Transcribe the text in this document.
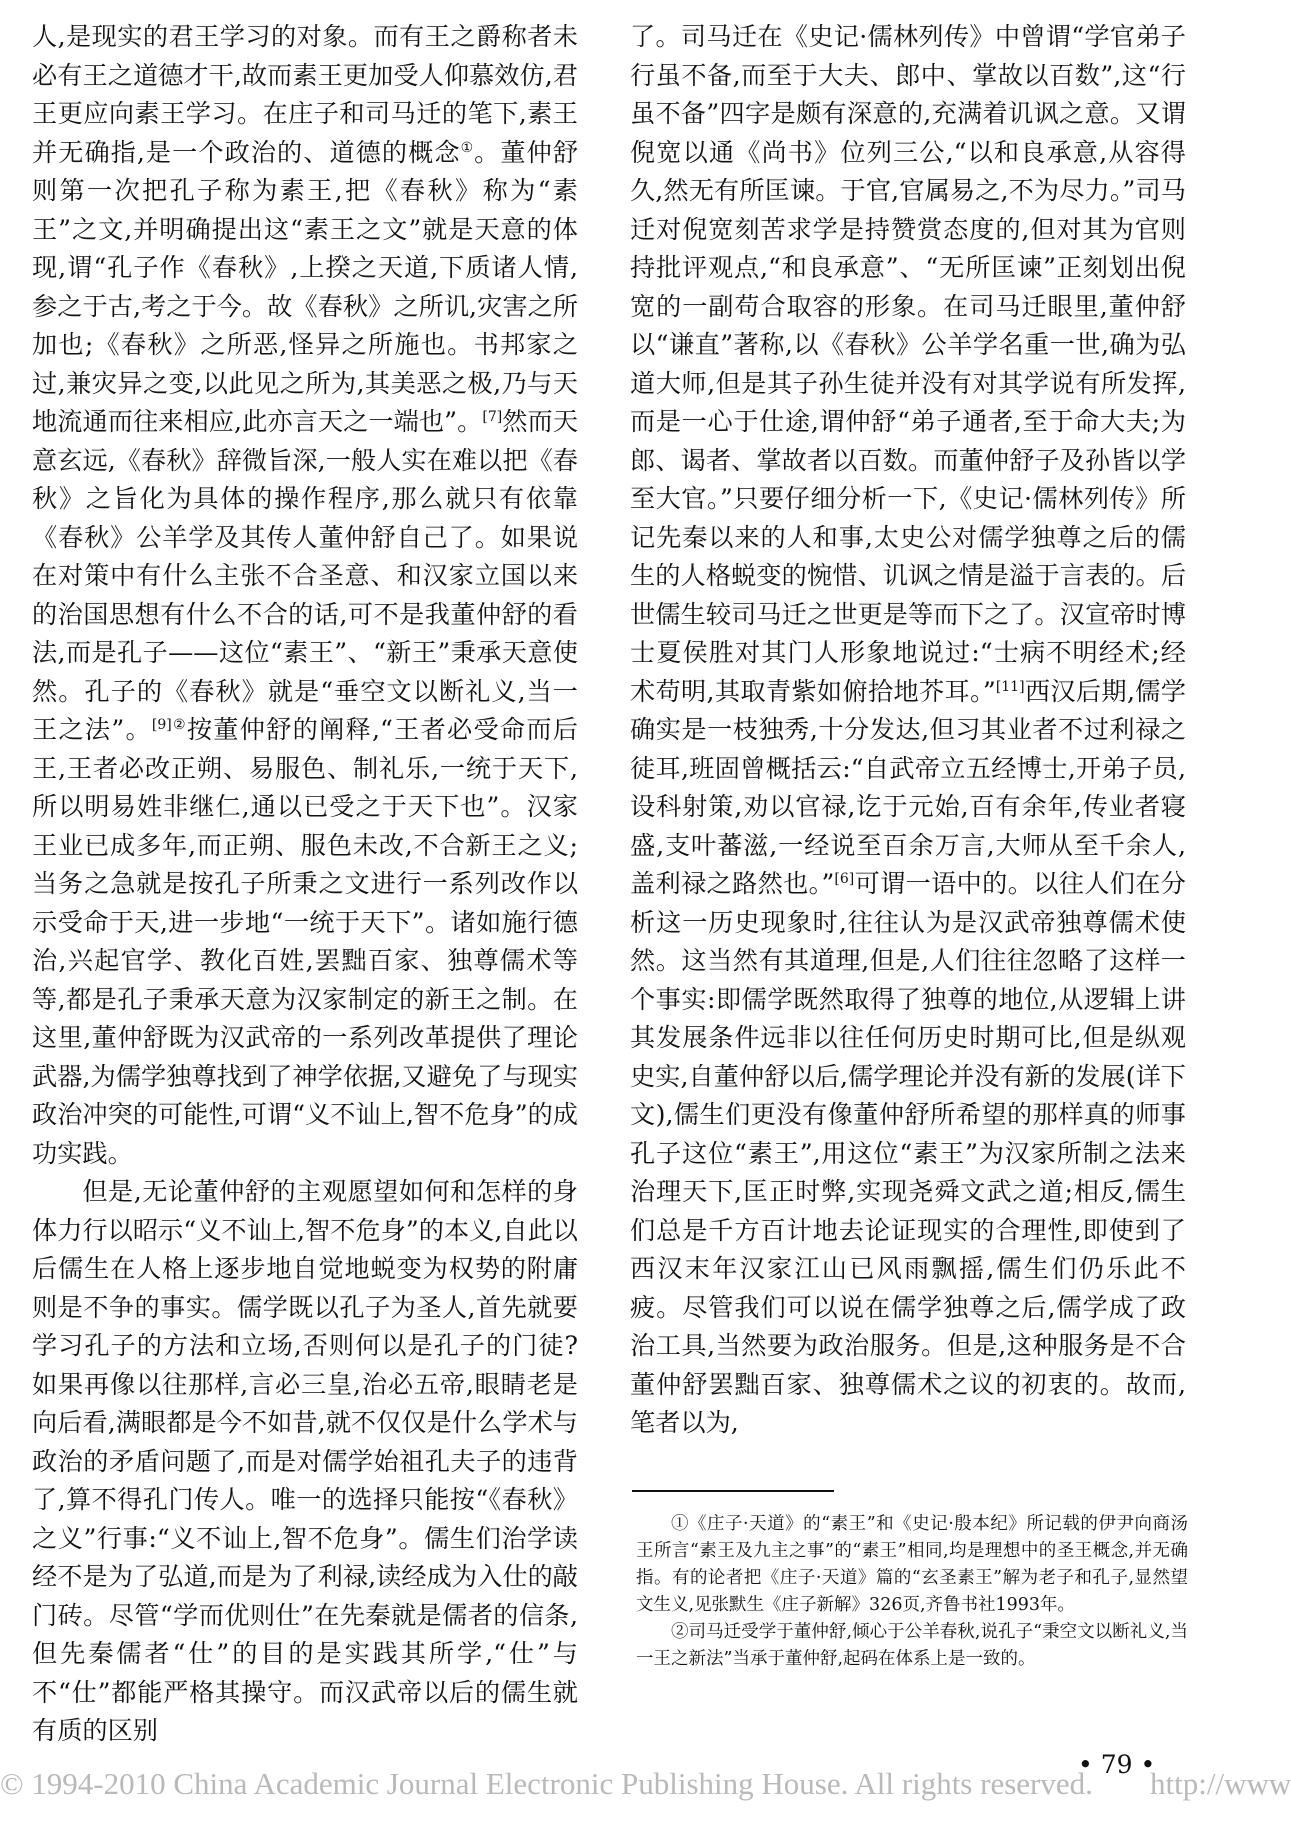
人,是现实的君王学习的对象。而有王之爵称者未必有王之道德才干,故而素王更加受人仰慕效仿,君王更应向素王学习。在庄子和司马迁的笔下,素王并无确指,是一个政治的、道德的概念①。董仲舒则第一次把孔子称为素王,把《春秋》称为“素王”之文,并明确提出这“素王之文”就是天意的体现,谓“孔子作《春秋》,上揆之天道,下质诸人情,参之于古,考之于今。故《春秋》之所讥,灾害之所加也;《春秋》之所恶,怪异之所施也。书邦家之过,兼灾异之变,以此见之所为,其美恶之极,乃与天地流通而往来相应,此亦言天之一端也”。[7]然而天意玄远,《春秋》辞微旨深,一般人实在难以把《春秋》之旨化为具体的操作程序,那么就只有依靠《春秋》公羊学及其传人董仲舒自己了。如果说在对策中有什么主张不合圣意、和汉家立国以来的治国思想有什么不合的话,可不是我董仲舒的看法,而是孔子——这位“素王”、“新王”秉承天意使然。孔子的《春秋》就是“垂空文以断礼义,当一王之法”。$^{[9]②}$按董仲舒的阐释,“王者必受命而后王,王者必改正朔、易服色、制礼乐,一统于天下,所以明易姓非继仁,通以已受之于天下也”。汉家王业已成多年,而正朔、服色未改,不合新王之义;当务之急就是按孔子所秉之文进行一系列改作以示受命于天,进一步地“一统于天下”。诸如施行德治,兴起官学、教化百姓,罢黜百家、独尊儒术等等,都是孔子秉承天意为汉家制定的新王之制。在这里,董仲舒既为汉武帝的一系列改革提供了理论武器,为儒学独尊找到了神学依据,又避免了与现实政治冲突的可能性,可谓“义不讪上,智不危身”的成功实践。

但是,无论董仲舒的主观愿望如何和怎样的身体力行以昭示“义不讪上,智不危身”的本义,自此以后儒生在人格上逐步地自觉地蜕变为权势的附庸则是不争的事实。儒学既以孔子为圣人,首先就要学习孔子的方法和立场,否则何以是孔子的门徒?如果再像以往那样,言必三皇,治必五帝,眼睛老是向后看,满眼都是今不如昔,就不仅仅是什么学术与政治的矛盾问题了,而是对儒学始祖孔夫子的违背了,算不得孔门传人。唯一的选择只能按“《春秋》之义”行事:“义不讪上,智不危身”。儒生们治学读经不是为了弘道,而是为了利禄,读经成为入仕的敲门砖。尽管“学而优则仕”在先秦就是儒者的信条,但先秦儒者“仕”的目的是实践其所学,“仕”与不“仕”都能严格其操守。而汉武帝以后的儒生就有质的区别

了。司马迁在《史记·儒林列传》中曾谓“学官弟子行虽不备,而至于大夫、郎中、掌故以百数”,这“行虽不备”四字是颇有深意的,充满着讥讽之意。又谓倪宽以通《尚书》位列三公,“以和良承意,从容得久,然无有所匡谏。于官,官属易之,不为尽力。”司马迁对倪宽刻苦求学是持赞赏态度的,但对其为官则持批评观点,“和良承意”、“无所匡谏”正刻划出倪宽的一副苟合取容的形象。在司马迁眼里,董仲舒以“谦直”著称,以《春秋》公羊学名重一世,确为弘道大师,但是其子孙生徒并没有对其学说有所发挥,而是一心于仕途,谓仲舒“弟子通者,至于命大夫;为郎、谒者、掌故者以百数。而董仲舒子及孙皆以学至大官。”只要仔细分析一下,《史记·儒林列传》所记先秦以来的人和事,太史公对儒学独尊之后的儒生的人格蜕变的惋惜、讥讽之情是溢于言表的。后世儒生较司马迁之世更是等而下之了。汉宣帝时博士夏侯胜对其门人形象地说过:“士病不明经术;经术苟明,其取青紫如俯拾地芥耳。”[11]西汉后期,儒学确实是一枝独秀,十分发达,但习其业者不过利禄之徒耳,班固曾概括云:“自武帝立五经博士,开弟子员,设科射策,劝以官禄,讫于元始,百有余年,传业者寝盛,支叶蕃滋,一经说至百余万言,大师从至千余人,盖利禄之路然也。”[6]可谓一语中的。以往人们在分析这一历史现象时,往往认为是汉武帝独尊儒术使然。这当然有其道理,但是,人们往往忽略了这样一个事实:即儒学既然取得了独尊的地位,从逻辑上讲其发展条件远非以往任何历史时期可比,但是纵观史实,自董仲舒以后,儒学理论并没有新的发展(详下文),儒生们更没有像董仲舒所希望的那样真的师事孔子这位“素王”,用这位“素王”为汉家所制之法来治理天下,匡正时弊,实现尧舜文武之道;相反,儒生们总是千方百计地去论证现实的合理性,即使到了西汉末年汉家江山已风雨飘摇,儒生们仍乐此不疲。尽管我们可以说在儒学独尊之后,儒学成了政治工具,当然要为政治服务。但是,这种服务是不合董仲舒罢黜百家、独尊儒术之议的初衷的。故而,笔者以为,

①《庄子·天道》的“素王”和《史记·殷本纪》所记载的伊尹向商汤王所言“素王及九主之事”的“素王”相同,均是理想中的圣王概念,并无确指。有的论者把《庄子·天道》篇的“玄圣素王”解为老子和孔子,显然望文生义,见张默生《庄子新解》326页,齐鲁书社1993年。

②司马迁受学于董仲舒,倾心于公羊春秋,说孔子“秉空文以断礼义,当一王之新法”当承于董仲舒,起码在体系上是一致的。

© 1994-2010 China Academic Journal Electronic Publishing House. All rights reserved. http://www
• 79 •
